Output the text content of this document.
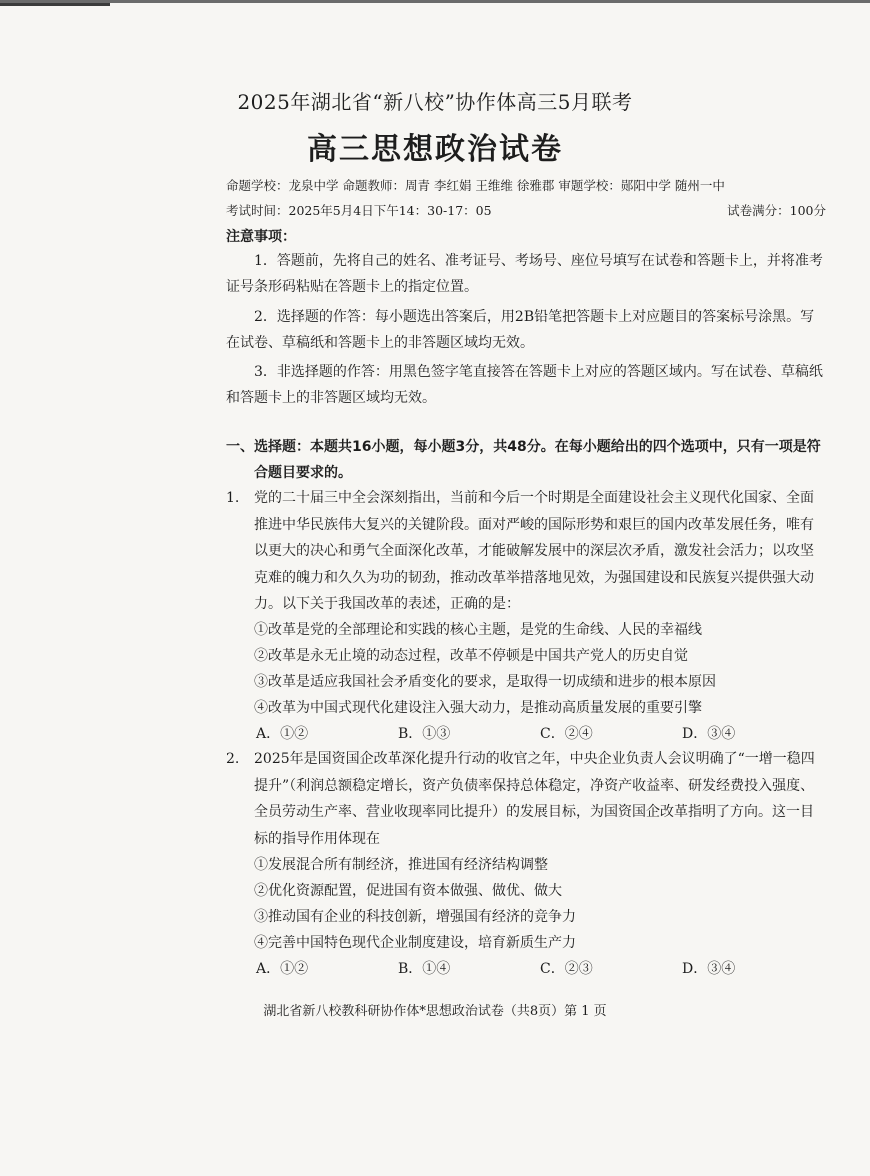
2025年湖北省“新八校”协作体高三5月联考
高三思想政治试卷
命题学校：龙泉中学 命题教师：周青 李红娟 王维维 徐雅郡 审题学校：郧阳中学 随州一中
考试时间：2025年5月4日下午14：30-17：05	试卷满分：100分
注意事项：
1．答题前，先将自己的姓名、准考证号、考场号、座位号填写在试卷和答题卡上，并将准考证号条形码粘贴在答题卡上的指定位置。
2．选择题的作答：每小题选出答案后，用2B铅笔把答题卡上对应题目的答案标号涂黑。写在试卷、草稿纸和答题卡上的非答题区域均无效。
3．非选择题的作答：用黑色签字笔直接答在答题卡上对应的答题区域内。写在试卷、草稿纸和答题卡上的非答题区域均无效。
一、选择题：本题共16小题，每小题3分，共48分。在每小题给出的四个选项中，只有一项是符合题目要求的。
1. 党的二十届三中全会深刻指出，当前和今后一个时期是全面建设社会主义现代化国家、全面推进中华民族伟大复兴的关键阶段。面对严峻的国际形势和艰巨的国内改革发展任务，唯有以更大的决心和勇气全面深化改革，才能破解发展中的深层次矛盾，激发社会活力；以攻坚克难的魄力和久久为功的韧劲，推动改革举措落地见效，为强国建设和民族复兴提供强大动力。以下关于我国改革的表述，正确的是：
①改革是党的全部理论和实践的核心主题，是党的生命线、人民的幸福线
②改革是永无止境的动态过程，改革不停顿是中国共产党人的历史自觉
③改革是适应我国社会矛盾变化的要求，是取得一切成绩和进步的根本原因
④改革为中国式现代化建设注入强大动力，是推动高质量发展的重要引擎
A．①②	B．①③	C．②④	D．③④
2. 2025年是国资国企改革深化提升行动的收官之年，中央企业负责人会议明确了“一增一稳四提升”（利润总额稳定增长，资产负债率保持总体稳定，净资产收益率、研发经费投入强度、全员劳动生产率、营业收现率同比提升）的发展目标，为国资国企改革指明了方向。这一目标的指导作用体现在
①发展混合所有制经济，推进国有经济结构调整
②优化资源配置，促进国有资本做强、做优、做大
③推动国有企业的科技创新，增强国有经济的竞争力
④完善中国特色现代企业制度建设，培育新质生产力
A．①②	B．①④	C．②③	D．③④
湖北省新八校教科研协作体*思想政治试卷（共8页）第 1 页
